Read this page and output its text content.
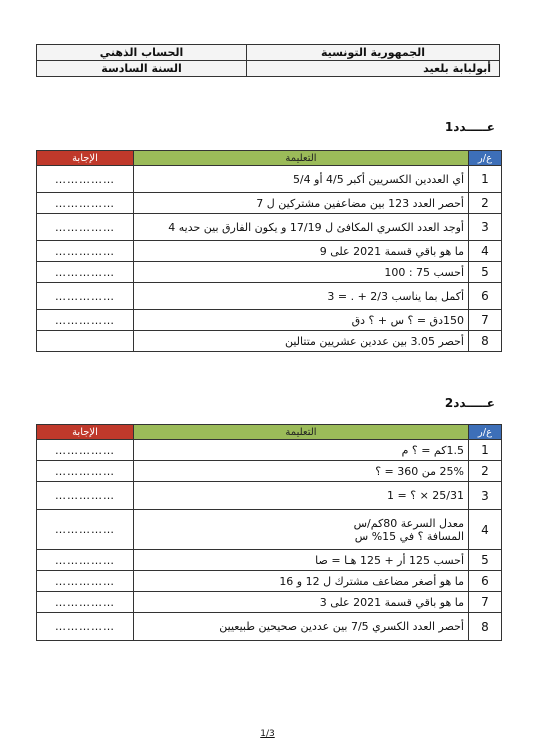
الجمهورية التونسية	الحساب الذهني
أبولبابة بلعيد	السنة السادسة
عـــــدد1
ع/ر	التعليمة	الإجابة
1	أي العددين الكسريين أكبر 4/5 أو 5/4	……………
2	أحصر العدد 123 بين مضاعفين مشتركين ل 7	……………
3	أوجد العدد الكسري المكافئ ل 17/19 و يكون الفارق بين حديه 4	……………
4	ما هو باقي قسمة 2021 على 9	……………
5	أحسب 75 : 100	……………
6	أكمل بما يناسب 2/3 + . = 3	……………
7	150دق = ؟ س + ؟ دق	……………
8	أحصر 3.05 بين عددين عشريين متتالين	
عـــــدد2
ع/ر	التعليمة	الإجابة
1	1.5كم = ؟ م	……………
2	25% من 360 = ؟	……………
3	25/31 × ؟ = 1	……………
4	معدل السرعة 80كم/س
المسافة ؟ في 15% س	……………
5	أحسب 125 أر + 125 هـا = صا	……………
6	ما هو أصغر مضاعف مشترك ل 12 و 16	……………
7	ما هو باقي قسمة 2021 على 3	……………
8	أحصر العدد الكسري 7/5 بين عددين صحيحين طبيعيين	……………
1/3
